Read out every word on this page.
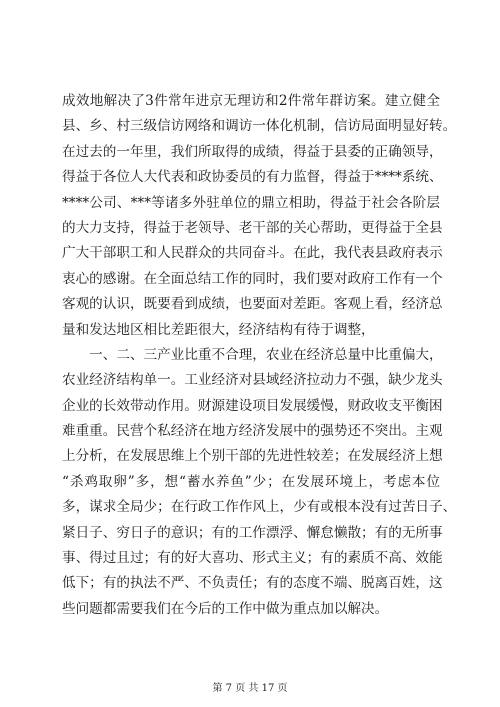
成效地解决了3件常年进京无理访和2件常年群访案。建立健全
县、乡、村三级信访网络和调访一体化机制，信访局面明显好转。
在过去的一年里，我们所取得的成绩，得益于县委的正确领导，
得益于各位人大代表和政协委员的有力监督，得益于****系统、
****公司、***等诸多外驻单位的鼎立相助，得益于社会各阶层
的大力支持，得益于老领导、老干部的关心帮助，更得益于全县
广大干部职工和人民群众的共同奋斗。在此，我代表县政府表示
衷心的感谢。在全面总结工作的同时，我们要对政府工作有一个
客观的认识，既要看到成绩，也要面对差距。客观上看，经济总
量和发达地区相比差距很大，经济结构有待于调整，
　　一、二、三产业比重不合理，农业在经济总量中比重偏大，
农业经济结构单一。工业经济对县域经济拉动力不强，缺少龙头
企业的长效带动作用。财源建设项目发展缓慢，财政收支平衡困
难重重。民营个私经济在地方经济发展中的强势还不突出。主观
上分析，在发展思维上个别干部的先进性较差；在发展经济上想
“杀鸡取卵”多，想“蓄水养鱼”少；在发展环境上，考虑本位
多，谋求全局少；在行政工作作风上，少有或根本没有过苦日子、
紧日子、穷日子的意识；有的工作漂浮、懈怠懒散；有的无所事
事、得过且过；有的好大喜功、形式主义；有的素质不高、效能
低下；有的执法不严、不负责任；有的态度不端、脱离百姓，这
些问题都需要我们在今后的工作中做为重点加以解决。
第 7 页 共 17 页
